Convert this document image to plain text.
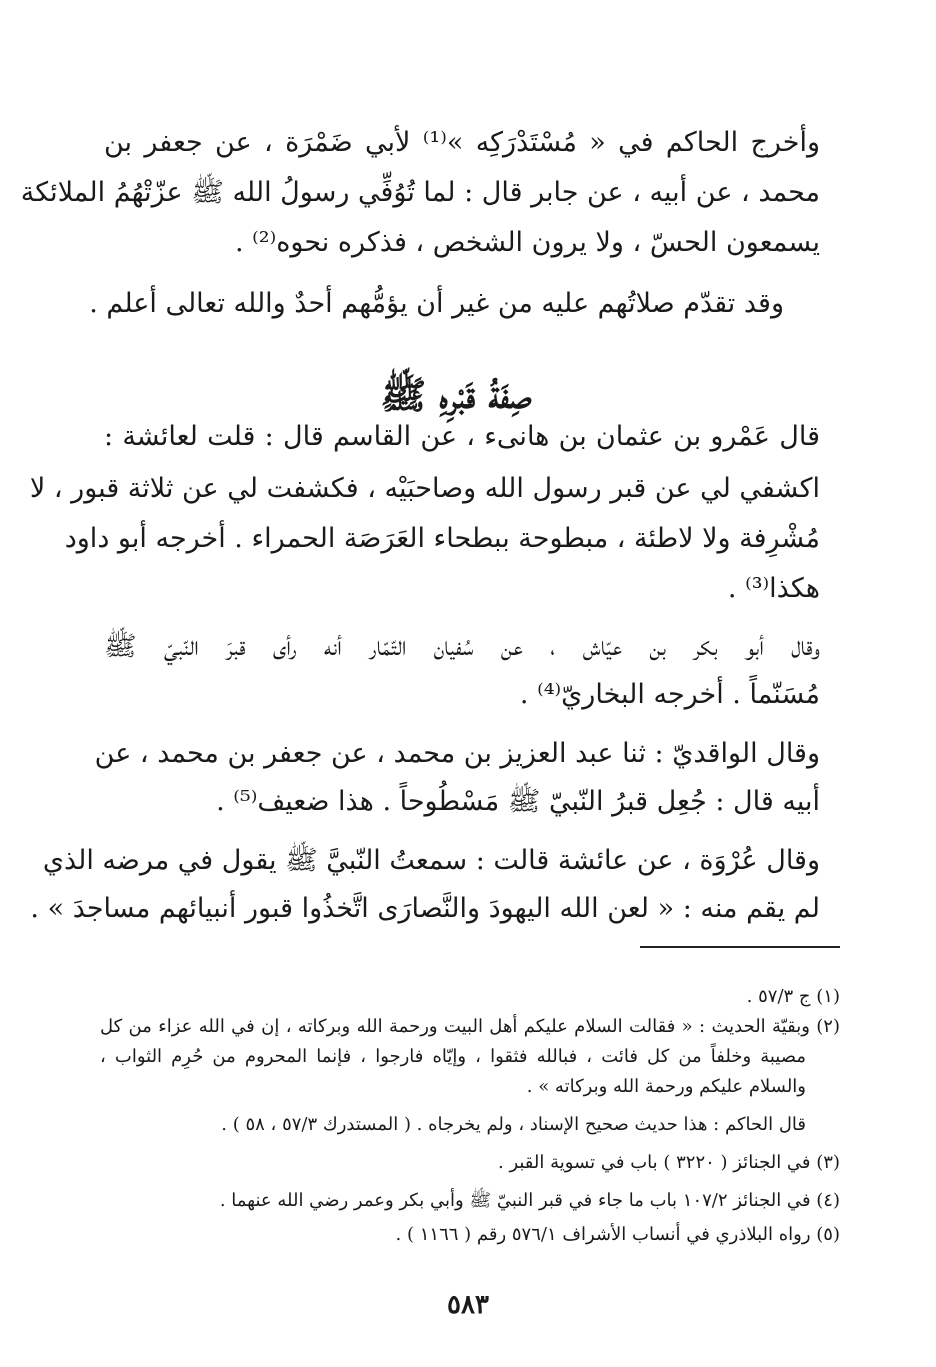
وأخرج الحاكم في « مُسْتَدْرَكِه »⁽¹⁾ لأبي ضَمْرَة ، عن جعفر بن
محمد ، عن أبيه ، عن جابر قال : لما تُوُفِّي رسولُ الله ﷺ عزّتْهُمُ الملائكة
يسمعون الحسّ ، ولا يرون الشخص ، فذكره نحوه⁽²⁾ .
وقد تقدّم صلاتُهم عليه من غير أن يؤمُّهم أحدٌ والله تعالى أعلم .
صِفَةُ قَبْرِهِ ﷺ
قال عَمْرو بن عثمان بن هانىء ، عن القاسم قال : قلت لعائشة :
اكشفي لي عن قبر رسول الله وصاحبَيْه ، فكشفت لي عن ثلاثة قبور ، لا
مُشْرِفة ولا لاطئة ، مبطوحة ببطحاء العَرَصَة الحمراء . أخرجه أبو داود
هكذا⁽³⁾ .
وقال أبو بكر بن عيّاش ، عن سُفيان التّمّار أنه رأى قبرَ النّبيّ ﷺ
مُسَنّماً . أخرجه البخاريّ⁽⁴⁾ .
وقال الواقديّ : ثنا عبد العزيز بن محمد ، عن جعفر بن محمد ، عن
أبيه قال : جُعِل قبرُ النّبيّ ﷺ مَسْطُوحاً . هذا ضعيف⁽⁵⁾ .
وقال عُرْوَة ، عن عائشة قالت : سمعتُ النّبيَّ ﷺ يقول في مرضه الذي
لم يقم منه : « لعن الله اليهودَ والنَّصارَى اتَّخذُوا قبور أنبيائهم مساجدَ » .
(١) ج ٥٧/٣ .
(٢) وبقيّة الحديث : « فقالت السلام عليكم أهل البيت ورحمة الله وبركاته ، إن في الله عزاء من كل
مصيبة وخلفاً من كل فائت ، فبالله فثقوا ، وإيّاه فارجوا ، فإنما المحروم من حُرِم الثواب ،
والسلام عليكم ورحمة الله وبركاته » .
قال الحاكم : هذا حديث صحيح الإسناد ، ولم يخرجاه . ( المستدرك ٥٧/٣ ، ٥٨ ) .
(٣) في الجنائز ( ٣٢٢٠ ) باب في تسوية القبر .
(٤) في الجنائز ١٠٧/٢ باب ما جاء في قبر النبيّ ﷺ وأبي بكر وعمر رضي الله عنهما .
(٥) رواه البلاذري في أنساب الأشراف ٥٧٦/١ رقم ( ١١٦٦ ) .
٥٨٣
